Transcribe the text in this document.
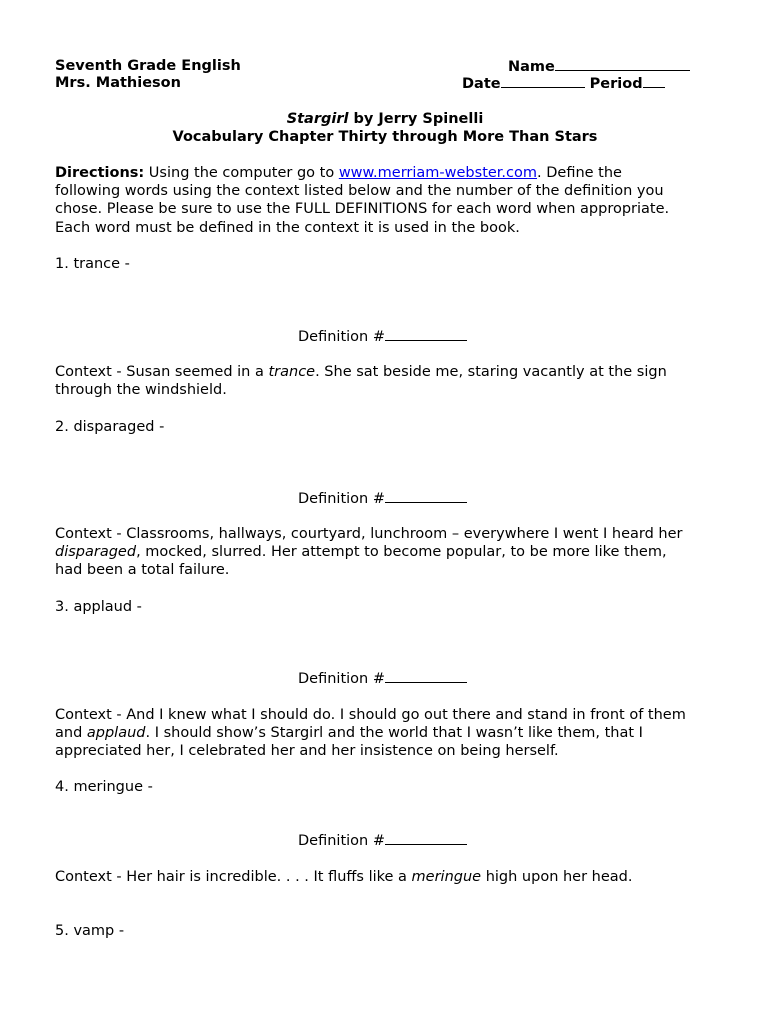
Seventh Grade English
Mrs. Mathieson
Name
Date	Period
Stargirl by Jerry Spinelli
Vocabulary Chapter Thirty through More Than Stars

Directions: Using the computer go to www.merriam-webster.com. Define the

following words using the context listed below and the number of the definition you

chose. Please be sure to use the FULL DEFINITIONS for each word when appropriate.

Each word must be defined in the context it is used in the book.

1. trance -
Definition #

Context - Susan seemed in a trance. She sat beside me, staring vacantly at the sign

through the windshield.

2. disparaged -
Definition #

Context - Classrooms, hallways, courtyard, lunchroom – everywhere I went I heard her

disparaged, mocked, slurred. Her attempt to become popular, to be more like them,

had been a total failure.

3. applaud -
Definition #

Context - And I knew what I should do. I should go out there and stand in front of them

and applaud. I should show’s Stargirl and the world that I wasn’t like them, that I

appreciated her, I celebrated her and her insistence on being herself.

4. meringue -
Definition #

Context - Her hair is incredible. . . . It fluffs like a meringue high upon her head.

5. vamp -
